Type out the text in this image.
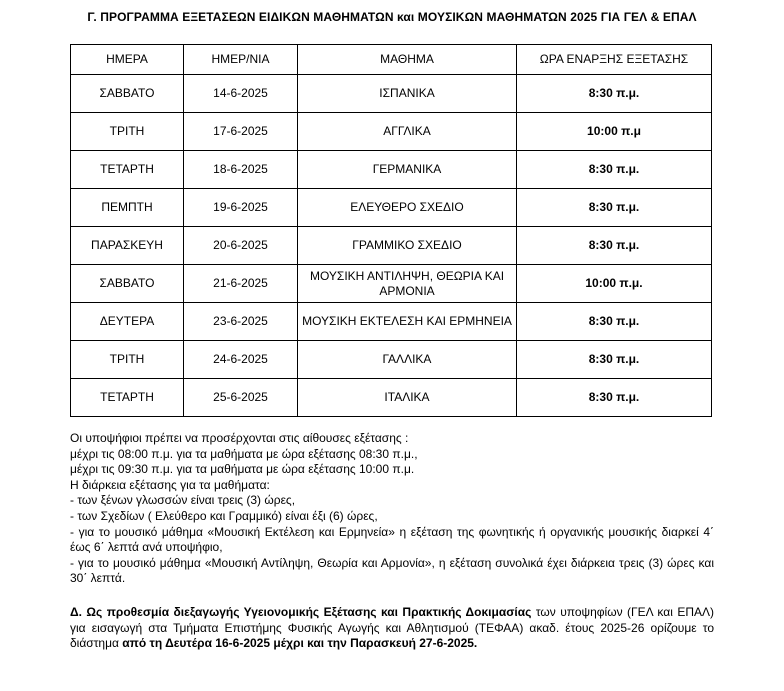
Γ. ΠΡΟΓΡΑΜΜΑ ΕΞΕΤΑΣΕΩΝ ΕΙΔΙΚΩΝ ΜΑΘΗΜΑΤΩΝ και ΜΟΥΣΙΚΩΝ ΜΑΘΗΜΑΤΩΝ 2025 ΓΙΑ ΓΕΛ & ΕΠΑΛ
ΗΜΕΡΑ	ΗΜΕΡ/ΝΙΑ	ΜΑΘΗΜΑ	ΩΡΑ ΕΝΑΡΞΗΣ ΕΞΕΤΑΣΗΣ
ΣΑΒΒΑΤΟ	14-6-2025	ΙΣΠΑΝΙΚΑ	8:30 π.μ.
ΤΡΙΤΗ	17-6-2025	ΑΓΓΛΙΚΑ	10:00 π.μ
ΤΕΤΑΡΤΗ	18-6-2025	ΓΕΡΜΑΝΙΚΑ	8:30 π.μ.
ΠΕΜΠΤΗ	19-6-2025	ΕΛΕΥΘΕΡΟ ΣΧΕΔΙΟ	8:30 π.μ.
ΠΑΡΑΣΚΕΥΗ	20-6-2025	ΓΡΑΜΜΙΚΟ ΣΧΕΔΙΟ	8:30 π.μ.
ΣΑΒΒΑΤΟ	21-6-2025	ΜΟΥΣΙΚΗ ΑΝΤΙΛΗΨΗ, ΘΕΩΡΙΑ ΚΑΙ ΑΡΜΟΝΙΑ	10:00 π.μ.
ΔΕΥΤΕΡΑ	23-6-2025	ΜΟΥΣΙΚΗ ΕΚΤΕΛΕΣΗ ΚΑΙ ΕΡΜΗΝΕΙΑ	8:30 π.μ.
ΤΡΙΤΗ	24-6-2025	ΓΑΛΛΙΚΑ	8:30 π.μ.
ΤΕΤΑΡΤΗ	25-6-2025	ΙΤΑΛΙΚΑ	8:30 π.μ.

Οι υποψήφιοι πρέπει να προσέρχονται στις αίθουσες εξέτασης :

μέχρι τις 08:00 π.μ. για τα μαθήματα με ώρα εξέτασης 08:30 π.μ.,

μέχρι τις 09:30 π.μ. για τα μαθήματα με ώρα εξέτασης 10:00 π.μ.

Η διάρκεια εξέτασης για τα μαθήματα:

- των ξένων γλωσσών είναι τρεις (3) ώρες,

- των Σχεδίων ( Ελεύθερο και Γραμμικό) είναι έξι (6) ώρες,

- για το μουσικό μάθημα «Μουσική Εκτέλεση και Ερμηνεία» η εξέταση της φωνητικής ή οργανικής μουσικής διαρκεί 4΄ έως 6΄ λεπτά ανά υποψήφιο,

- για το μουσικό μάθημα «Μουσική Αντίληψη, Θεωρία και Αρμονία», η εξέταση συνολικά έχει διάρκεια τρεις (3) ώρες και 30΄ λεπτά.

Δ. Ως προθεσμία διεξαγωγής Υγειονομικής Εξέτασης και Πρακτικής Δοκιμασίας των υποψηφίων (ΓΕΛ και ΕΠΑΛ) για εισαγωγή στα Τμήματα Επιστήμης Φυσικής Αγωγής και Αθλητισμού (ΤΕΦΑΑ) ακαδ. έτους 2025-26 ορίζουμε το διάστημα από τη Δευτέρα 16-6-2025 μέχρι και την Παρασκευή 27-6-2025.
